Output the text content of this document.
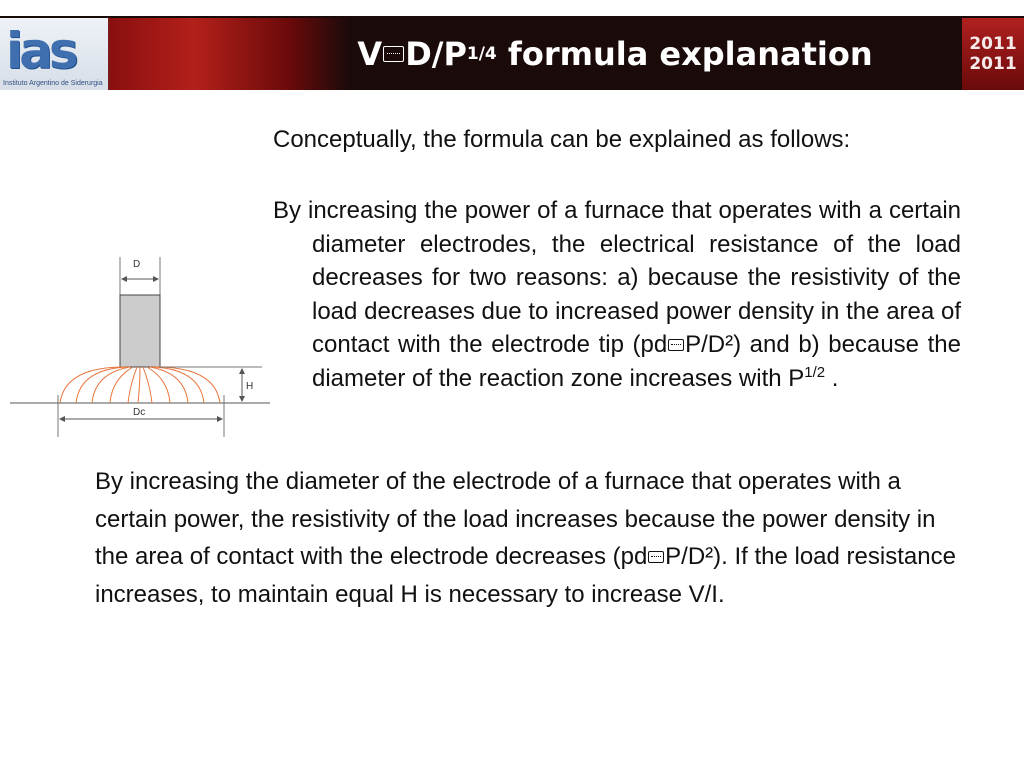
ias
Instituto Argentino de Siderurgia
V D/P 1/4 formula explanation	2011
2011
Conceptually, the formula can be explained as follows:
By increasing the power of a furnace that operates with a certain diameter electrodes, the electrical resistance of the load decreases for two reasons: a) because the resistivity of the load decreases due to increased power density in the area of contact with the electrode tip (pd P/D²) and b) because the diameter of the reaction zone increases with $P^{1/2}$ .
By increasing the diameter of the electrode of a furnace that operates with a certain power, the resistivity of the load increases because the power density in the area of contact with the electrode decreases (pd P/D²). If the load resistance increases, to maintain equal H is necessary to increase V/I.
D
H
Dc
